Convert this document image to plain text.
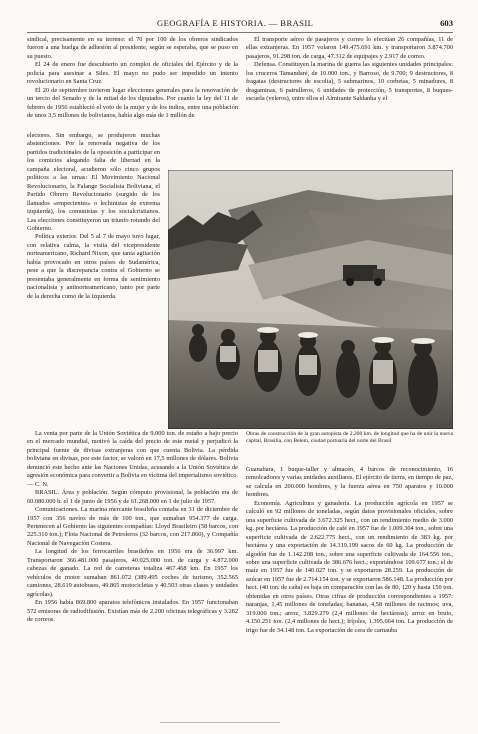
GEOGRAFÍA E HISTORIA. — BRASIL	603

sindical, precisamente en su terreno: el 70 por 100 de los obreros sindicados fueron a una huelga de adhesión al presidente, según se esperaba, que se puso en su puesto.

El 24 de enero fue descubierto un complot de oficiales del Ejército y de la policía para asesinar a Siles. El mayo no pudo ser impedido un intento revolucionario en Santa Cruz.

El 20 de septiembre tuvieron lugar elecciones generales para la renovación de un tercio del Senado y de la mitad de los diputados. Por cuanto la ley del 11 de febrero de 1956 estableció el voto de la mujer y de los indios, entre una población de unos 3,5 millones de bolivianos, había algo más de 1 millón de

electores. Sin embargo, se produjeron muchas abstenciones. Por la renovada negativa de los partidos tradicionales de la oposición a participar en los comicios alegando falta de libertad en la campaña electoral, acudieron sólo cinco grupos políticos a las urnas: El Movimiento Nacional Revolucionario, la Falange Socialista Boliviana, el Partido Obrero Revolucionario (surgido de los llamados «empecientes» o lechinistas de extrema izquierda), los comunistas y los socialcristianos. Las elecciones constituyeron un triunfo rotundo del Gobierno.

Política exterior. Del 5 al 7 de mayo tuvo lugar, con relativa calma, la visita del vicepresidente norteamericano, Richard Nixon, que tanta agitación había provocado en otros países de Sudamérica, pese a que la discrepancia contra el Gobierno se presentaba generalmente en forma de sentimiento nacionalista y antinorteamericano, tanto por parte de la derecha como de la izquierda.

La venta por parte de la Unión Soviética de 9.000 ton. de estaño a bajo precio en el mercado mundial, motivó la caída del precio de este metal y perjudicó la principal fuente de divisas extranjeras con que cuenta Bolivia. La pérdida boliviana en divisas, por este factor, se valoró en 17,5 millones de dólares. Bolivia denunció este hecho ante las Naciones Unidas, acusando a la Unión Soviética de agresión económica para convertir a Bolivia en víctima del imperialismo soviético. — C. N.

BRASIL. Área y población. Según cómputo provisional, la población era de 60.080.000 h. el 1 de junio de 1956 y de 61.268.000 en 1 de julio de 1957.

Comunicaciones. La marina mercante brasileña contaba en 31 de diciembre de 1957 con 356 navíos de más de 100 ton., que sumaban 954.377 de carga. Pertenecen al Gobierno las siguientes compañías: Lloyd Brasileiro (58 barcos, con 225.310 ton.); Flota Nacional de Petroleros (32 barcos, con 217.860), y Compañía Nacional de Navegación Costera.

La longitud de los ferrocarriles brasileños en 1956 era de 36.997 km. Transportaron 366.481.000 pasajeros, 40.025.000 ton. de carga y 4.872.000 cabezas de ganado. La red de carreteras totaliza 467.468 km. En 1957 los vehículos de motor sumaban 861.072 (389.495 coches de turismo, 352.565 camiones, 28.619 autobuses, 49.865 motocicletas y 40.503 otras clases y unidades agrícolas).

En 1956 había 869.800 aparatos telefónicos instalados. En 1957 funcionaban 572 emisoras de radiodifusión. Existían más de 2.200 oficinas telegráficas y 3.282 de correos.

El transporte aéreo de pasajeros y correo lo efectúan 26 compañías, 11 de ellas extranjeras. En 1957 volaron 149.475.691 km. y transportaron 3.874.700 pasajeros, 91.298 ton. de carga, 47.312 de equipajes y 2.917 de correo.

Defensa. Constituyen la marina de guerra las siguientes unidades principales: los cruceros Tamandaré, de 10.000 ton., y Barroso, de 9.700; 9 destructores, 8 fragatas (destructores de escolta), 5 submarinos, 10 corbetas, 5 minadores, 8 dragaminas, 6 patrulleros, 6 unidades de protección, 5 transportes, 8 buques-escuela (veleros), entre ellos el Almirante Saldanha y el

Obras de construcción de la gran autopista de 2.200 km. de longitud que ha de unir la nueva capital, Brasilia, con Belem, ciudad portuaria del norte del Brasil

Guanabara, 1 buque-taller y almacén, 4 barcos de reconocimiento, 16 remolcadores y varias unidades auxiliares. El ejército de tierra, en tiempo de paz, se calcula en 200.000 hombres, y la fuerza aérea en 750 aparatos y 10.000 hombres.

Economía. Agricultura y ganadería. La producción agrícola en 1957 se calculó en 92 millones de toneladas, según datos provisionales oficiales, sobre una superficie cultivada de 3.672.325 hect., con un rendimiento medio de 3.000 kg. por hectárea. La producción de café en 1957 fue de 1.009.304 ton., sobre una superficie cultivada de 2.622.775 hect., con un rendimiento de 383 kg. por hectárea y una exportación de 14.319.199 sacos de 60 kg. La producción de algodón fue de 1.142.208 ton., sobre una superficie cultivada de 164.556 ton., sobre una superficie cultivada de 386.676 hect.; exportándose 109.677 ton.; el de maíz en 1957 fue de 140.027 ton. y se exportaron 28.259. La producción de azúcar en 1957 fue de 2.714.154 ton. y se exportaron 586.148. La producción por hect. (40 ton. de caña) es baja en comparación con las de 80, 120 y hasta 150 ton. obtenidas en otros países. Otras cifras de producción correspondientes a 1957: naranjas, 1,45 millones de toneladas; bananas, 4,58 millones de racimos; uva, 319.000 ton.; arroz, 3.829.279 (2,4 millones de hectáreas); arroz en bruto, 4.150.251 ton. (2,4 millones de hect.); fríjoles, 1.395.664 ton. La producción de trigo fue de 34.148 ton. La exportación de cera de carnauba
